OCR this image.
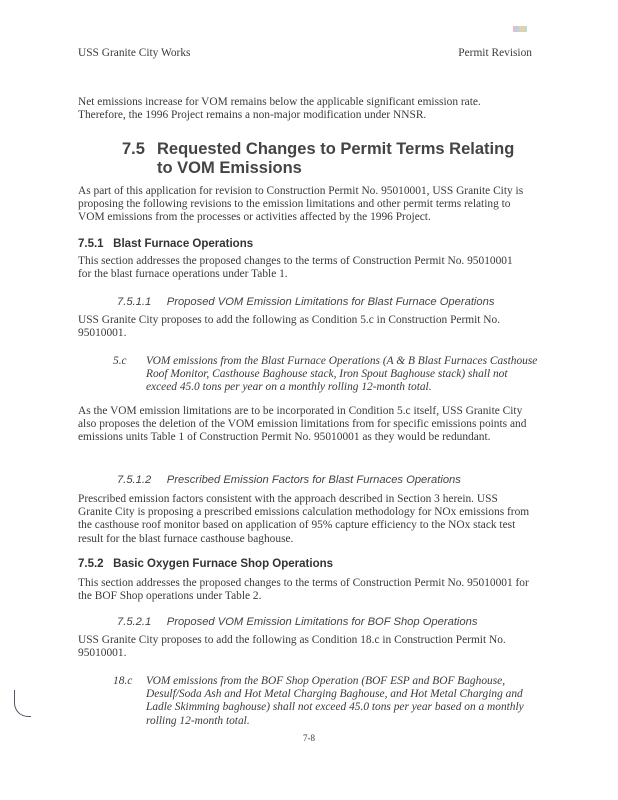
USS Granite City Works	Permit Revision

Net emissions increase for VOM remains below the applicable significant emission rate. Therefore, the 1996 Project remains a non-major modification under NNSR.

7.5 Requested Changes to Permit Terms Relating to VOM Emissions

As part of this application for revision to Construction Permit No. 95010001, USS Granite City is proposing the following revisions to the emission limitations and other permit terms relating to VOM emissions from the processes or activities affected by the 1996 Project.

7.5.1 Blast Furnace Operations

This section addresses the proposed changes to the terms of Construction Permit No. 95010001 for the blast furnace operations under Table 1.

7.5.1.1 Proposed VOM Emission Limitations for Blast Furnace Operations

USS Granite City proposes to add the following as Condition 5.c in Construction Permit No. 95010001.

5.c VOM emissions from the Blast Furnace Operations (A & B Blast Furnaces Casthouse Roof Monitor, Casthouse Baghouse stack, Iron Spout Baghouse stack) shall not exceed 45.0 tons per year on a monthly rolling 12-month total.

As the VOM emission limitations are to be incorporated in Condition 5.c itself, USS Granite City also proposes the deletion of the VOM emission limitations from for specific emissions points and emissions units Table 1 of Construction Permit No. 95010001 as they would be redundant.

7.5.1.2 Prescribed Emission Factors for Blast Furnaces Operations

Prescribed emission factors consistent with the approach described in Section 3 herein. USS Granite City is proposing a prescribed emissions calculation methodology for NOx emissions from the casthouse roof monitor based on application of 95% capture efficiency to the NOx stack test result for the blast furnace casthouse baghouse.

7.5.2 Basic Oxygen Furnace Shop Operations

This section addresses the proposed changes to the terms of Construction Permit No. 95010001 for the BOF Shop operations under Table 2.

7.5.2.1 Proposed VOM Emission Limitations for BOF Shop Operations

USS Granite City proposes to add the following as Condition 18.c in Construction Permit No. 95010001.

18.c VOM emissions from the BOF Shop Operation (BOF ESP and BOF Baghouse, Desulf/Soda Ash and Hot Metal Charging Baghouse, and Hot Metal Charging and Ladle Skimming baghouse) shall not exceed 45.0 tons per year based on a monthly rolling 12-month total.

7-8
